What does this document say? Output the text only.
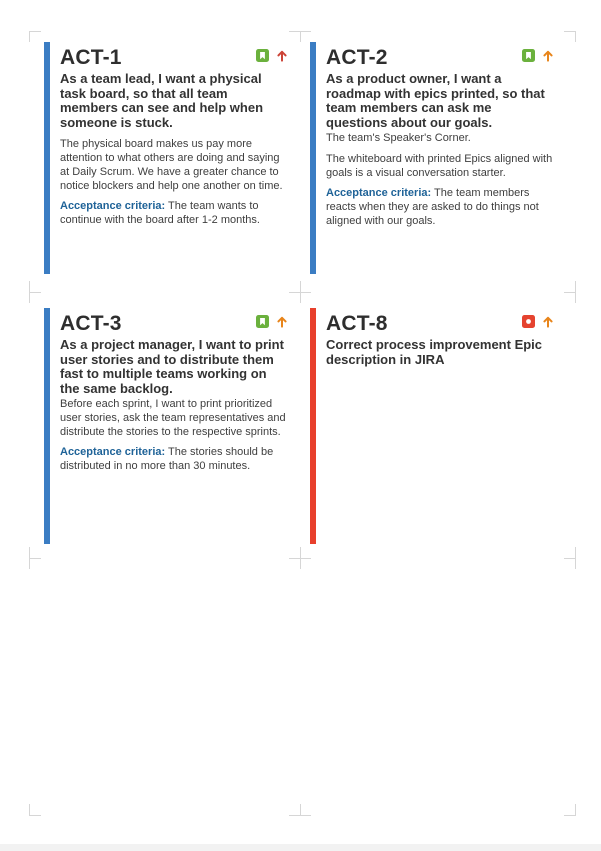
ACT-1

As a team lead, I want a physical task board, so that all team members can see and help when someone is stuck.

The physical board makes us pay more attention to what others are doing and saying at Daily Scrum. We have a greater chance to notice blockers and help one another on time.

Acceptance criteria: The team wants to continue with the board after 1-2 months.

ACT-2

As a product owner, I want a roadmap with epics printed, so that team members can ask me questions about our goals.

The team's Speaker's Corner.

The whiteboard with printed Epics aligned with goals is a visual conversation starter.

Acceptance criteria: The team members reacts when they are asked to do things not aligned with our goals.

ACT-3

As a project manager, I want to print user stories and to distribute them fast to multiple teams working on the same backlog.

Before each sprint, I want to print prioritized user stories, ask the team representatives and distribute the stories to the respective sprints.

Acceptance criteria: The stories should be distributed in no more than 30 minutes.

ACT-8

Correct process improvement Epic description in JIRA
